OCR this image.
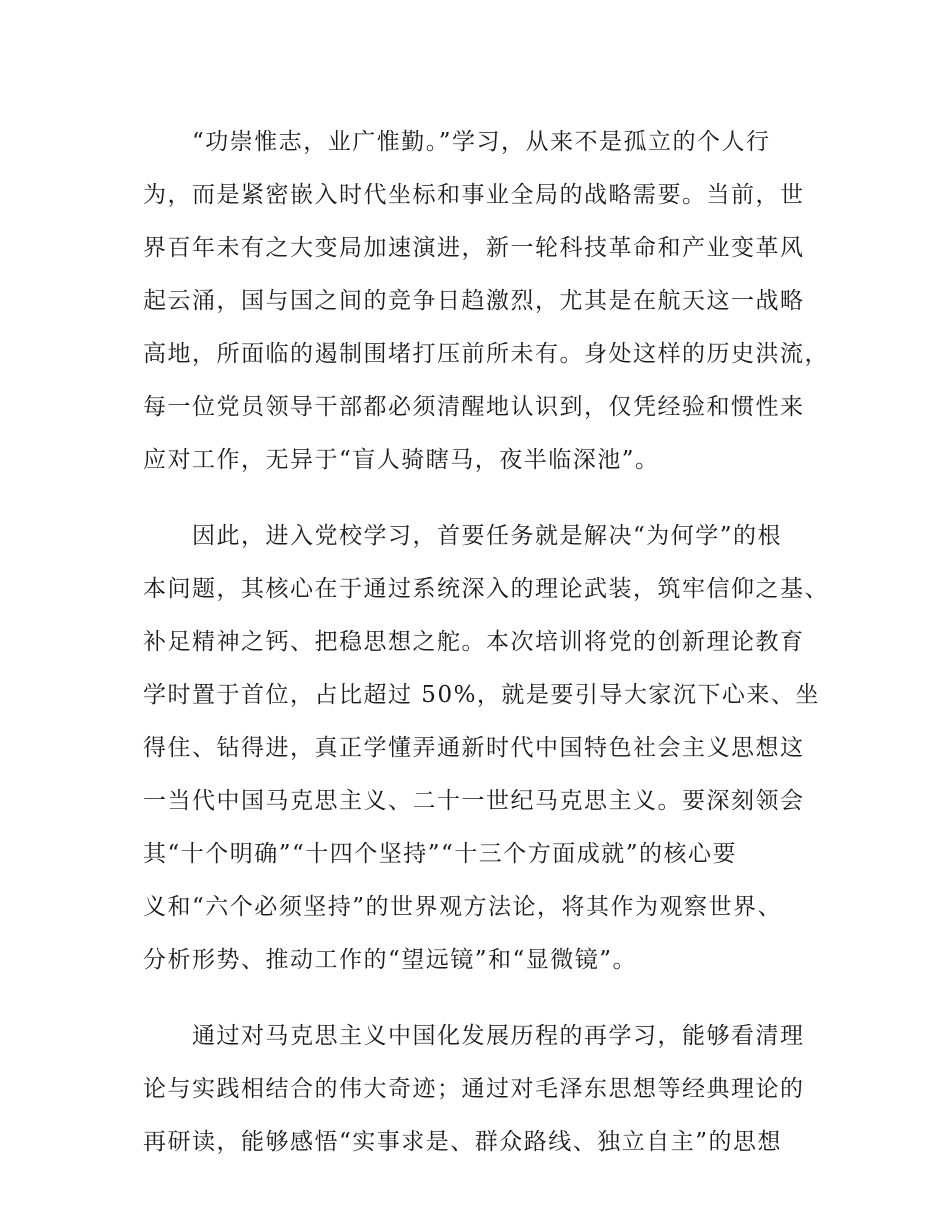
“功崇惟志，业广惟勤。”学习，从来不是孤立的个人行
为，而是紧密嵌入时代坐标和事业全局的战略需要。当前，世
界百年未有之大变局加速演进，新一轮科技革命和产业变革风
起云涌，国与国之间的竞争日趋激烈，尤其是在航天这一战略
高地，所面临的遏制围堵打压前所未有。身处这样的历史洪流，
每一位党员领导干部都必须清醒地认识到，仅凭经验和惯性来
应对工作，无异于“盲人骑瞎马，夜半临深池”。
因此，进入党校学习，首要任务就是解决“为何学”的根
本问题，其核心在于通过系统深入的理论武装，筑牢信仰之基、
补足精神之钙、把稳思想之舵。本次培训将党的创新理论教育
学时置于首位，占比超过 50%，就是要引导大家沉下心来、坐
得住、钻得进，真正学懂弄通新时代中国特色社会主义思想这
一当代中国马克思主义、二十一世纪马克思主义。要深刻领会
其“十个明确”“十四个坚持”“十三个方面成就”的核心要
义和“六个必须坚持”的世界观方法论，将其作为观察世界、
分析形势、推动工作的“望远镜”和“显微镜”。
通过对马克思主义中国化发展历程的再学习，能够看清理
论与实践相结合的伟大奇迹；通过对毛泽东思想等经典理论的
再研读，能够感悟“实事求是、群众路线、独立自主”的思想
